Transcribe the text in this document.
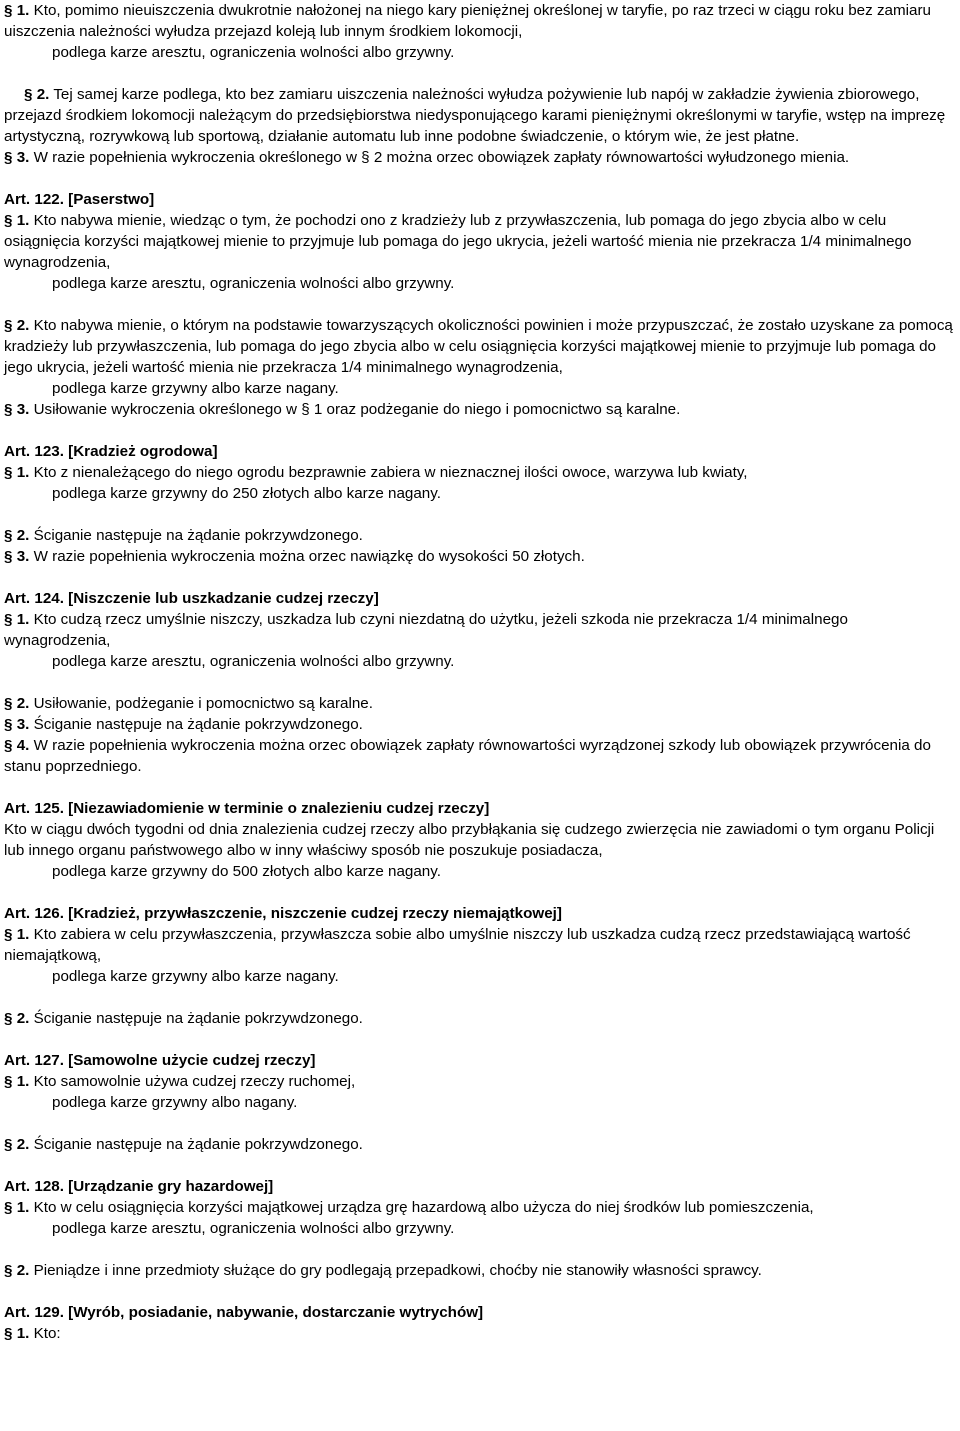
§ 1. Kto, pomimo nieuiszczenia dwukrotnie nałożonej na niego kary pieniężnej określonej w taryfie, po raz trzeci w ciągu roku bez zamiaru uiszczenia należności wyłudza przejazd koleją lub innym środkiem lokomocji,

podlega karze aresztu, ograniczenia wolności albo grzywny.

§ 2. Tej samej karze podlega, kto bez zamiaru uiszczenia należności wyłudza pożywienie lub napój w zakładzie żywienia zbiorowego, przejazd środkiem lokomocji należącym do przedsiębiorstwa niedysponującego karami pieniężnymi określonymi w taryfie, wstęp na imprezę artystyczną, rozrywkową lub sportową, działanie automatu lub inne podobne świadczenie, o którym wie, że jest płatne.

§ 3. W razie popełnienia wykroczenia określonego w § 2 można orzec obowiązek zapłaty równowartości wyłudzonego mienia.

Art. 122. [Paserstwo]

§ 1. Kto nabywa mienie, wiedząc o tym, że pochodzi ono z kradzieży lub z przywłaszczenia, lub pomaga do jego zbycia albo w celu osiągnięcia korzyści majątkowej mienie to przyjmuje lub pomaga do jego ukrycia, jeżeli wartość mienia nie przekracza 1/4 minimalnego wynagrodzenia,

podlega karze aresztu, ograniczenia wolności albo grzywny.

§ 2. Kto nabywa mienie, o którym na podstawie towarzyszących okoliczności powinien i może przypuszczać, że zostało uzyskane za pomocą kradzieży lub przywłaszczenia, lub pomaga do jego zbycia albo w celu osiągnięcia korzyści majątkowej mienie to przyjmuje lub pomaga do jego ukrycia, jeżeli wartość mienia nie przekracza 1/4 minimalnego wynagrodzenia,

podlega karze grzywny albo karze nagany.

§ 3. Usiłowanie wykroczenia określonego w § 1 oraz podżeganie do niego i pomocnictwo są karalne.

Art. 123. [Kradzież ogrodowa]

§ 1. Kto z nienależącego do niego ogrodu bezprawnie zabiera w nieznacznej ilości owoce, warzywa lub kwiaty,

podlega karze grzywny do 250 złotych albo karze nagany.

§ 2. Ściganie następuje na żądanie pokrzywdzonego.

§ 3. W razie popełnienia wykroczenia można orzec nawiązkę do wysokości 50 złotych.

Art. 124. [Niszczenie lub uszkadzanie cudzej rzeczy]

§ 1. Kto cudzą rzecz umyślnie niszczy, uszkadza lub czyni niezdatną do użytku, jeżeli szkoda nie przekracza 1/4 minimalnego wynagrodzenia,

podlega karze aresztu, ograniczenia wolności albo grzywny.

§ 2. Usiłowanie, podżeganie i pomocnictwo są karalne.

§ 3. Ściganie następuje na żądanie pokrzywdzonego.

§ 4. W razie popełnienia wykroczenia można orzec obowiązek zapłaty równowartości wyrządzonej szkody lub obowiązek przywrócenia do stanu poprzedniego.

Art. 125. [Niezawiadomienie w terminie o znalezieniu cudzej rzeczy]

Kto w ciągu dwóch tygodni od dnia znalezienia cudzej rzeczy albo przybłąkania się cudzego zwierzęcia nie zawiadomi o tym organu Policji lub innego organu państwowego albo w inny właściwy sposób nie poszukuje posiadacza,

podlega karze grzywny do 500 złotych albo karze nagany.

Art. 126. [Kradzież, przywłaszczenie, niszczenie cudzej rzeczy niemajątkowej]

§ 1. Kto zabiera w celu przywłaszczenia, przywłaszcza sobie albo umyślnie niszczy lub uszkadza cudzą rzecz przedstawiającą wartość niemajątkową,

podlega karze grzywny albo karze nagany.

§ 2. Ściganie następuje na żądanie pokrzywdzonego.

Art. 127. [Samowolne użycie cudzej rzeczy]

§ 1. Kto samowolnie używa cudzej rzeczy ruchomej,

podlega karze grzywny albo nagany.

§ 2. Ściganie następuje na żądanie pokrzywdzonego.

Art. 128. [Urządzanie gry hazardowej]

§ 1. Kto w celu osiągnięcia korzyści majątkowej urządza grę hazardową albo użycza do niej środków lub pomieszczenia,

podlega karze aresztu, ograniczenia wolności albo grzywny.

§ 2. Pieniądze i inne przedmioty służące do gry podlegają przepadkowi, choćby nie stanowiły własności sprawcy.

Art. 129. [Wyrób, posiadanie, nabywanie, dostarczanie wytrychów]

§ 1. Kto:
